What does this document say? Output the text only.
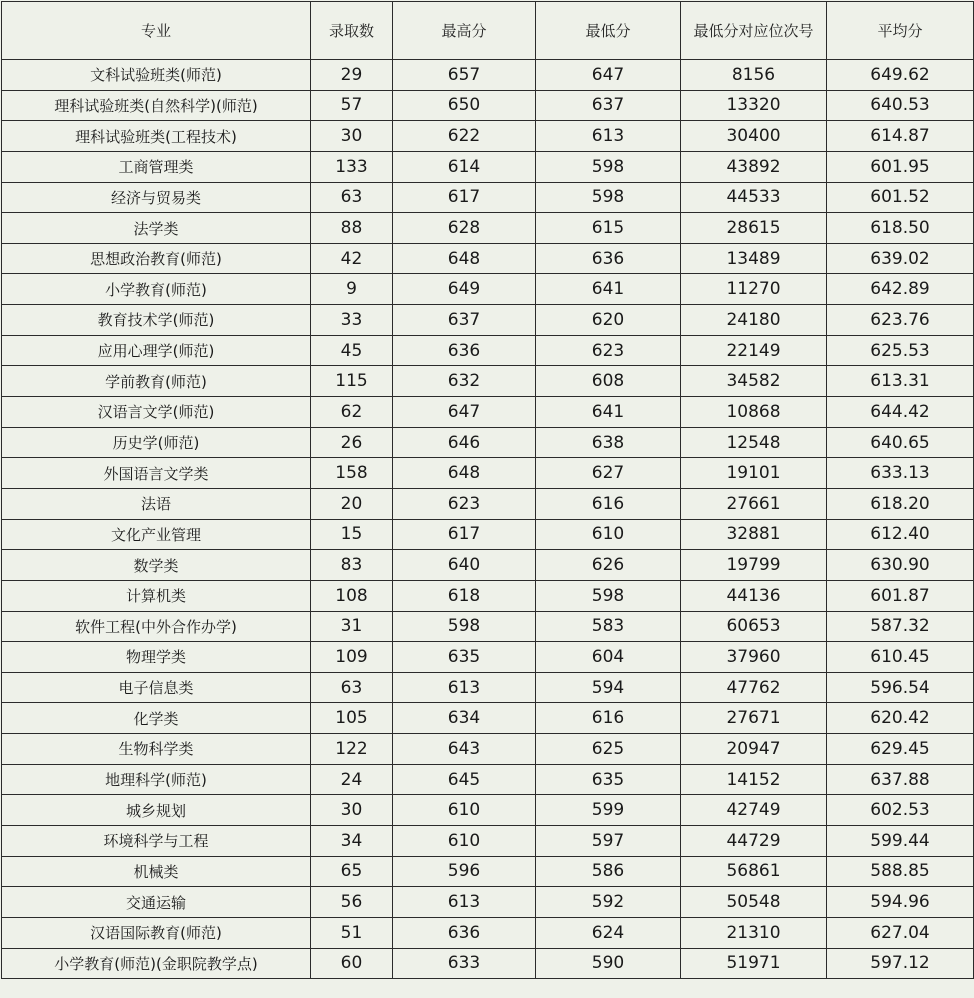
专业	录取数	最高分	最低分	最低分对应位次号	平均分
文科试验班类(师范)	29	657	647	8156	649.62
理科试验班类(自然科学)(师范)	57	650	637	13320	640.53
理科试验班类(工程技术)	30	622	613	30400	614.87
工商管理类	133	614	598	43892	601.95
经济与贸易类	63	617	598	44533	601.52
法学类	88	628	615	28615	618.50
思想政治教育(师范)	42	648	636	13489	639.02
小学教育(师范)	9	649	641	11270	642.89
教育技术学(师范)	33	637	620	24180	623.76
应用心理学(师范)	45	636	623	22149	625.53
学前教育(师范)	115	632	608	34582	613.31
汉语言文学(师范)	62	647	641	10868	644.42
历史学(师范)	26	646	638	12548	640.65
外国语言文学类	158	648	627	19101	633.13
法语	20	623	616	27661	618.20
文化产业管理	15	617	610	32881	612.40
数学类	83	640	626	19799	630.90
计算机类	108	618	598	44136	601.87
软件工程(中外合作办学)	31	598	583	60653	587.32
物理学类	109	635	604	37960	610.45
电子信息类	63	613	594	47762	596.54
化学类	105	634	616	27671	620.42
生物科学类	122	643	625	20947	629.45
地理科学(师范)	24	645	635	14152	637.88
城乡规划	30	610	599	42749	602.53
环境科学与工程	34	610	597	44729	599.44
机械类	65	596	586	56861	588.85
交通运输	56	613	592	50548	594.96
汉语国际教育(师范)	51	636	624	21310	627.04
小学教育(师范)(金职院教学点)	60	633	590	51971	597.12
